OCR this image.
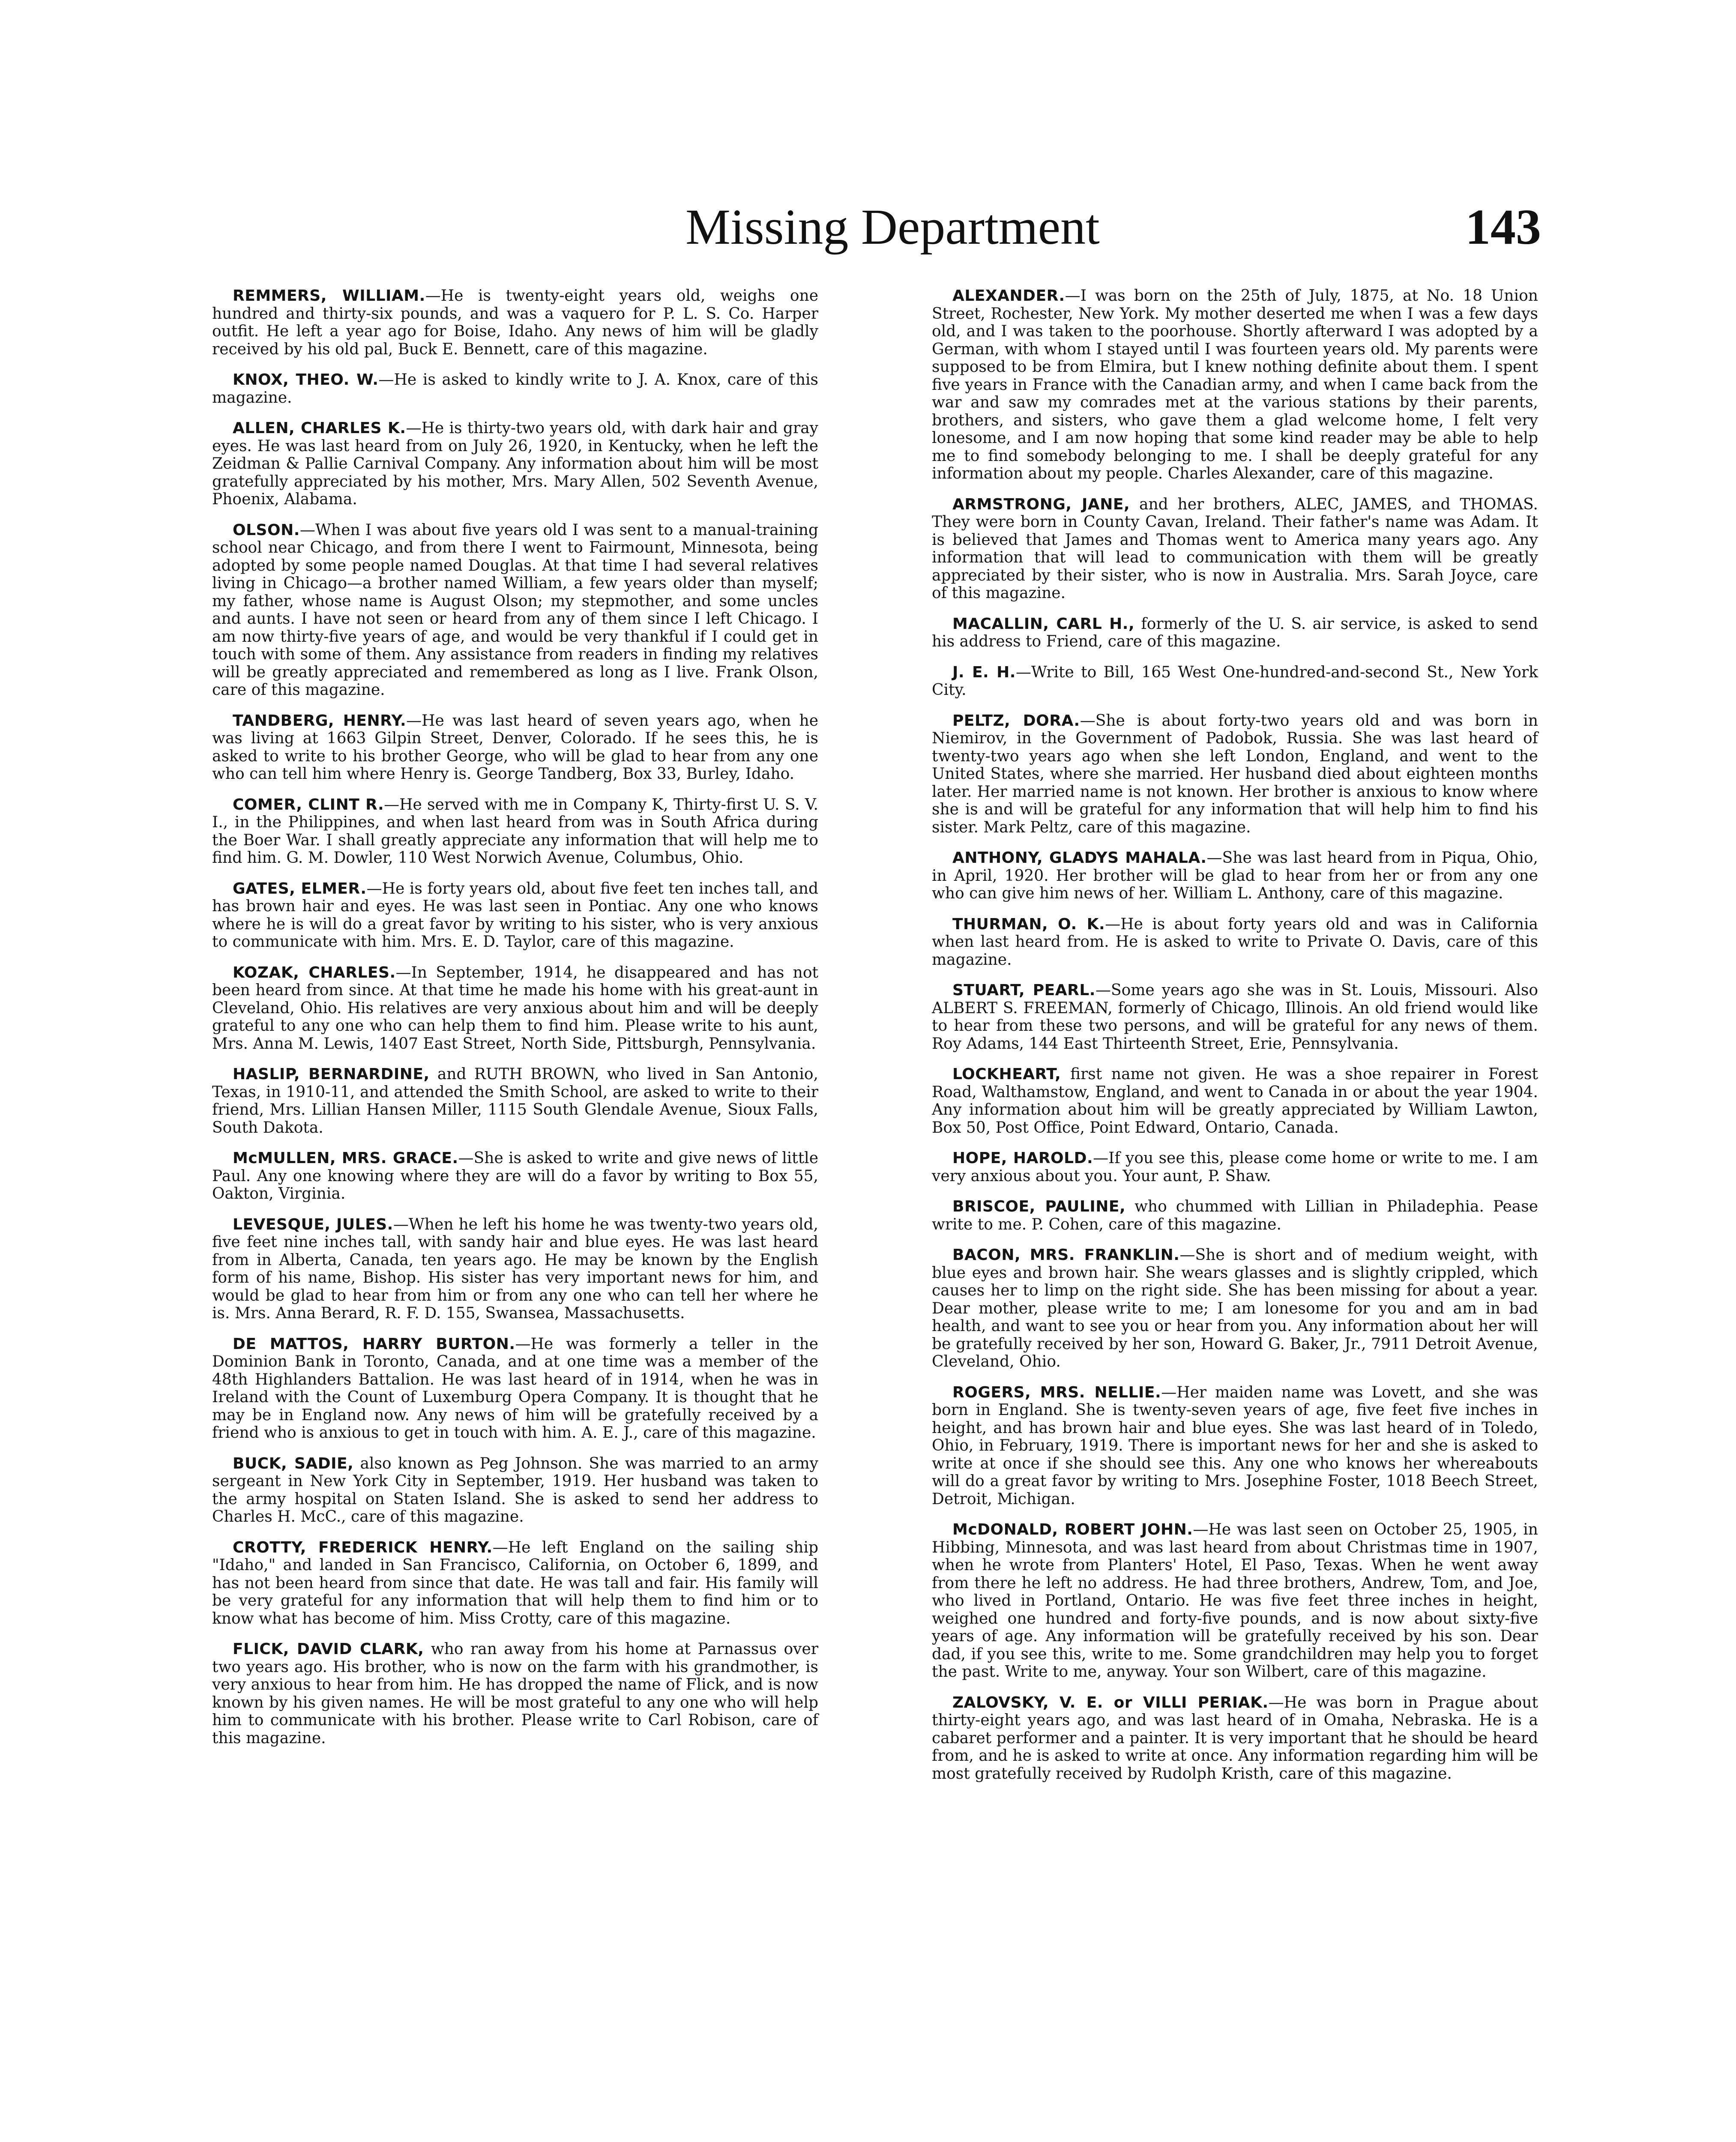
Missing Department	143

REMMERS, WILLIAM.—He is twenty-eight years old, weighs one hundred and thirty-six pounds, and was a vaquero for P. L. S. Co. Harper outfit. He left a year ago for Boise, Idaho. Any news of him will be gladly received by his old pal, Buck E. Bennett, care of this magazine.

KNOX, THEO. W.—He is asked to kindly write to J. A. Knox, care of this magazine.

ALLEN, CHARLES K.—He is thirty-two years old, with dark hair and gray eyes. He was last heard from on July 26, 1920, in Kentucky, when he left the Zeidman & Pallie Carnival Company. Any information about him will be most gratefully appreciated by his mother, Mrs. Mary Allen, 502 Seventh Avenue, Phoenix, Alabama.

OLSON.—When I was about five years old I was sent to a manual-training school near Chicago, and from there I went to Fairmount, Minnesota, being adopted by some people named Douglas. At that time I had several relatives living in Chicago—a brother named William, a few years older than myself; my father, whose name is August Olson; my stepmother, and some uncles and aunts. I have not seen or heard from any of them since I left Chicago. I am now thirty-five years of age, and would be very thankful if I could get in touch with some of them. Any assistance from readers in finding my relatives will be greatly appreciated and remembered as long as I live. Frank Olson, care of this magazine.

TANDBERG, HENRY.—He was last heard of seven years ago, when he was living at 1663 Gilpin Street, Denver, Colorado. If he sees this, he is asked to write to his brother George, who will be glad to hear from any one who can tell him where Henry is. George Tandberg, Box 33, Burley, Idaho.

COMER, CLINT R.—He served with me in Company K, Thirty-first U. S. V. I., in the Philippines, and when last heard from was in South Africa during the Boer War. I shall greatly appreciate any information that will help me to find him. G. M. Dowler, 110 West Norwich Avenue, Columbus, Ohio.

GATES, ELMER.—He is forty years old, about five feet ten inches tall, and has brown hair and eyes. He was last seen in Pontiac. Any one who knows where he is will do a great favor by writing to his sister, who is very anxious to communicate with him. Mrs. E. D. Taylor, care of this magazine.

KOZAK, CHARLES.—In September, 1914, he disappeared and has not been heard from since. At that time he made his home with his great-aunt in Cleveland, Ohio. His relatives are very anxious about him and will be deeply grateful to any one who can help them to find him. Please write to his aunt, Mrs. Anna M. Lewis, 1407 East Street, North Side, Pittsburgh, Pennsylvania.

HASLIP, BERNARDINE, and RUTH BROWN, who lived in San Antonio, Texas, in 1910-11, and attended the Smith School, are asked to write to their friend, Mrs. Lillian Hansen Miller, 1115 South Glendale Avenue, Sioux Falls, South Dakota.

McMULLEN, MRS. GRACE.—She is asked to write and give news of little Paul. Any one knowing where they are will do a favor by writing to Box 55, Oakton, Virginia.

LEVESQUE, JULES.—When he left his home he was twenty-two years old, five feet nine inches tall, with sandy hair and blue eyes. He was last heard from in Alberta, Canada, ten years ago. He may be known by the English form of his name, Bishop. His sister has very important news for him, and would be glad to hear from him or from any one who can tell her where he is. Mrs. Anna Berard, R. F. D. 155, Swansea, Massachusetts.

DE MATTOS, HARRY BURTON.—He was formerly a teller in the Dominion Bank in Toronto, Canada, and at one time was a member of the 48th Highlanders Battalion. He was last heard of in 1914, when he was in Ireland with the Count of Luxemburg Opera Company. It is thought that he may be in England now. Any news of him will be gratefully received by a friend who is anxious to get in touch with him. A. E. J., care of this magazine.

BUCK, SADIE, also known as Peg Johnson. She was married to an army sergeant in New York City in September, 1919. Her husband was taken to the army hospital on Staten Island. She is asked to send her address to Charles H. McC., care of this magazine.

CROTTY, FREDERICK HENRY.—He left England on the sailing ship "Idaho," and landed in San Francisco, California, on October 6, 1899, and has not been heard from since that date. He was tall and fair. His family will be very grateful for any information that will help them to find him or to know what has become of him. Miss Crotty, care of this magazine.

FLICK, DAVID CLARK, who ran away from his home at Parnassus over two years ago. His brother, who is now on the farm with his grandmother, is very anxious to hear from him. He has dropped the name of Flick, and is now known by his given names. He will be most grateful to any one who will help him to communicate with his brother. Please write to Carl Robison, care of this magazine.

ALEXANDER.—I was born on the 25th of July, 1875, at No. 18 Union Street, Rochester, New York. My mother deserted me when I was a few days old, and I was taken to the poorhouse. Shortly afterward I was adopted by a German, with whom I stayed until I was fourteen years old. My parents were supposed to be from Elmira, but I knew nothing definite about them. I spent five years in France with the Canadian army, and when I came back from the war and saw my comrades met at the various stations by their parents, brothers, and sisters, who gave them a glad welcome home, I felt very lonesome, and I am now hoping that some kind reader may be able to help me to find somebody belonging to me. I shall be deeply grateful for any information about my people. Charles Alexander, care of this magazine.

ARMSTRONG, JANE, and her brothers, ALEC, JAMES, and THOMAS. They were born in County Cavan, Ireland. Their father's name was Adam. It is believed that James and Thomas went to America many years ago. Any information that will lead to communication with them will be greatly appreciated by their sister, who is now in Australia. Mrs. Sarah Joyce, care of this magazine.

MACALLIN, CARL H., formerly of the U. S. air service, is asked to send his address to Friend, care of this magazine.

J. E. H.—Write to Bill, 165 West One-hundred-and-second St., New York City.

PELTZ, DORA.—She is about forty-two years old and was born in Niemirov, in the Government of Padobok, Russia. She was last heard of twenty-two years ago when she left London, England, and went to the United States, where she married. Her husband died about eighteen months later. Her married name is not known. Her brother is anxious to know where she is and will be grateful for any information that will help him to find his sister. Mark Peltz, care of this magazine.

ANTHONY, GLADYS MAHALA.—She was last heard from in Piqua, Ohio, in April, 1920. Her brother will be glad to hear from her or from any one who can give him news of her. William L. Anthony, care of this magazine.

THURMAN, O. K.—He is about forty years old and was in California when last heard from. He is asked to write to Private O. Davis, care of this magazine.

STUART, PEARL.—Some years ago she was in St. Louis, Missouri. Also ALBERT S. FREEMAN, formerly of Chicago, Illinois. An old friend would like to hear from these two persons, and will be grateful for any news of them. Roy Adams, 144 East Thirteenth Street, Erie, Pennsylvania.

LOCKHEART, first name not given. He was a shoe repairer in Forest Road, Walthamstow, England, and went to Canada in or about the year 1904. Any information about him will be greatly appreciated by William Lawton, Box 50, Post Office, Point Edward, Ontario, Canada.

HOPE, HAROLD.—If you see this, please come home or write to me. I am very anxious about you. Your aunt, P. Shaw.

BRISCOE, PAULINE, who chummed with Lillian in Philadephia. Pease write to me. P. Cohen, care of this magazine.

BACON, MRS. FRANKLIN.—She is short and of medium weight, with blue eyes and brown hair. She wears glasses and is slightly crippled, which causes her to limp on the right side. She has been missing for about a year. Dear mother, please write to me; I am lonesome for you and am in bad health, and want to see you or hear from you. Any information about her will be gratefully received by her son, Howard G. Baker, Jr., 7911 Detroit Avenue, Cleveland, Ohio.

ROGERS, MRS. NELLIE.—Her maiden name was Lovett, and she was born in England. She is twenty-seven years of age, five feet five inches in height, and has brown hair and blue eyes. She was last heard of in Toledo, Ohio, in February, 1919. There is important news for her and she is asked to write at once if she should see this. Any one who knows her whereabouts will do a great favor by writing to Mrs. Josephine Foster, 1018 Beech Street, Detroit, Michigan.

McDONALD, ROBERT JOHN.—He was last seen on October 25, 1905, in Hibbing, Minnesota, and was last heard from about Christmas time in 1907, when he wrote from Planters' Hotel, El Paso, Texas. When he went away from there he left no address. He had three brothers, Andrew, Tom, and Joe, who lived in Portland, Ontario. He was five feet three inches in height, weighed one hundred and forty-five pounds, and is now about sixty-five years of age. Any information will be gratefully received by his son. Dear dad, if you see this, write to me. Some grandchildren may help you to forget the past. Write to me, anyway. Your son Wilbert, care of this magazine.

ZALOVSKY, V. E. or VILLI PERIAK.—He was born in Prague about thirty-eight years ago, and was last heard of in Omaha, Nebraska. He is a cabaret performer and a painter. It is very important that he should be heard from, and he is asked to write at once. Any information regarding him will be most gratefully received by Rudolph Kristh, care of this magazine.
